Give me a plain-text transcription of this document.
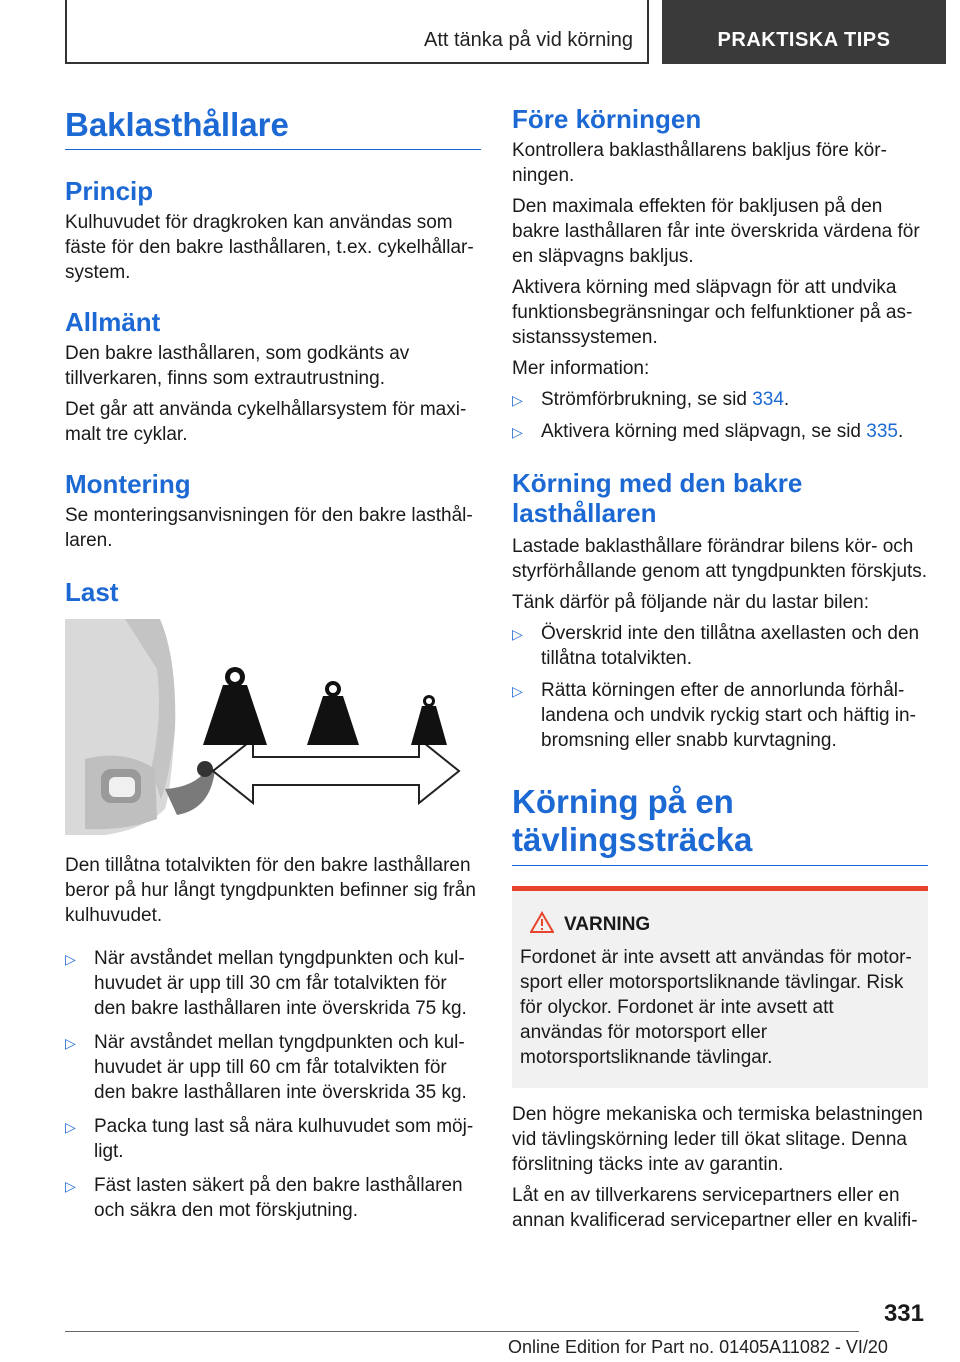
Att tänka på vid körning	PRAKTISKA TIPS
Baklasthållare
Princip

Kulhuvudet för dragkroken kan användas som fäste för den bakre lasthållaren, t.ex. cykelhållarsystem.

Allmänt

Den bakre lasthållaren, som godkänts av tillverkaren, finns som extrautrustning.

Det går att använda cykelhållarsystem för maximalt tre cyklar.

Montering

Se monteringsanvisningen för den bakre lasthållaren.

Last

Den tillåtna totalvikten för den bakre lasthållaren beror på hur långt tyngdpunkten befinner sig från kulhuvudet.

▷ När avståndet mellan tyngdpunkten och kulhuvudet är upp till 30 cm får totalvikten för den bakre lasthållaren inte överskrida 75 kg.
▷ När avståndet mellan tyngdpunkten och kulhuvudet är upp till 60 cm får totalvikten för den bakre lasthållaren inte överskrida 35 kg.
▷ Packa tung last så nära kulhuvudet som möjligt.
▷ Fäst lasten säkert på den bakre lasthållaren och säkra den mot förskjutning.
Före körningen

Kontrollera baklasthållarens bakljus före körningen.

Den maximala effekten för bakljusen på den bakre lasthållaren får inte överskrida värdena för en släpvagns bakljus.

Aktivera körning med släpvagn för att undvika funktionsbegränsningar och felfunktioner på assistanssystemen.

Mer information:

▷ Strömförbrukning, se sid 334.
▷ Aktivera körning med släpvagn, se sid 335.
Körning med den bakre lasthållaren

Lastade baklasthållare förändrar bilens kör- och styrförhållande genom att tyngdpunkten förskjuts.

Tänk därför på följande när du lastar bilen:

▷ Överskrid inte den tillåtna axellasten och den tillåtna totalvikten.
▷ Rätta körningen efter de annorlunda förhållandena och undvik ryckig start och häftig inbromsning eller snabb kurvtagning.
Körning på en tävlingssträcka
VARNING

Fordonet är inte avsett att användas för motorsport eller motorsportsliknande tävlingar. Risk för olyckor. Fordonet är inte avsett att användas för motorsport eller motorsportsliknande tävlingar.

Den högre mekaniska och termiska belastningen vid tävlingskörning leder till ökat slitage. Denna förslitning täcks inte av garantin.

Låt en av tillverkarens servicepartners eller en annan kvalificerad servicepartner eller en kvalifi-

331
Online Edition for Part no. 01405A11082 - VI/20
